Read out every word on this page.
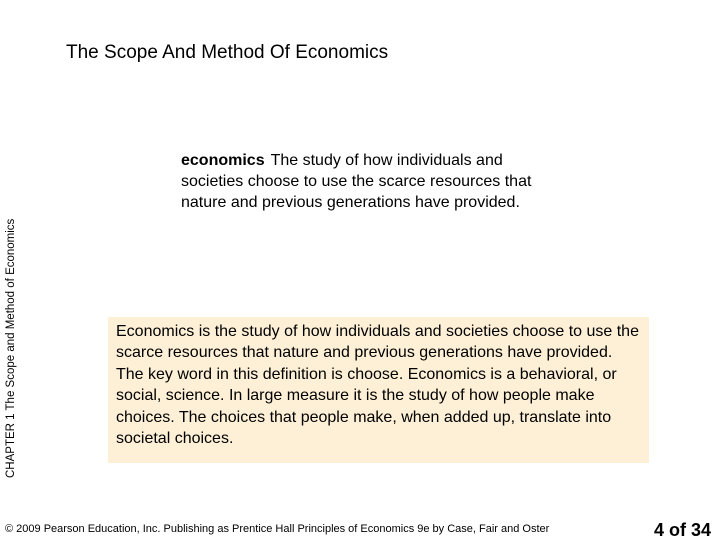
The Scope And Method Of Economics
CHAPTER 1 The Scope and Method of Economics
economics The study of how individuals and societies choose to use the scarce resources that nature and previous generations have provided.
Economics is the study of how individuals and societies choose to use the scarce resources that nature and previous generations have provided. The key word in this definition is choose. Economics is a behavioral, or social, science. In large measure it is the study of how people make choices. The choices that people make, when added up, translate into societal choices.
© 2009 Pearson Education, Inc. Publishing as Prentice Hall Principles of Economics 9e by Case, Fair and Oster	4 of 34
